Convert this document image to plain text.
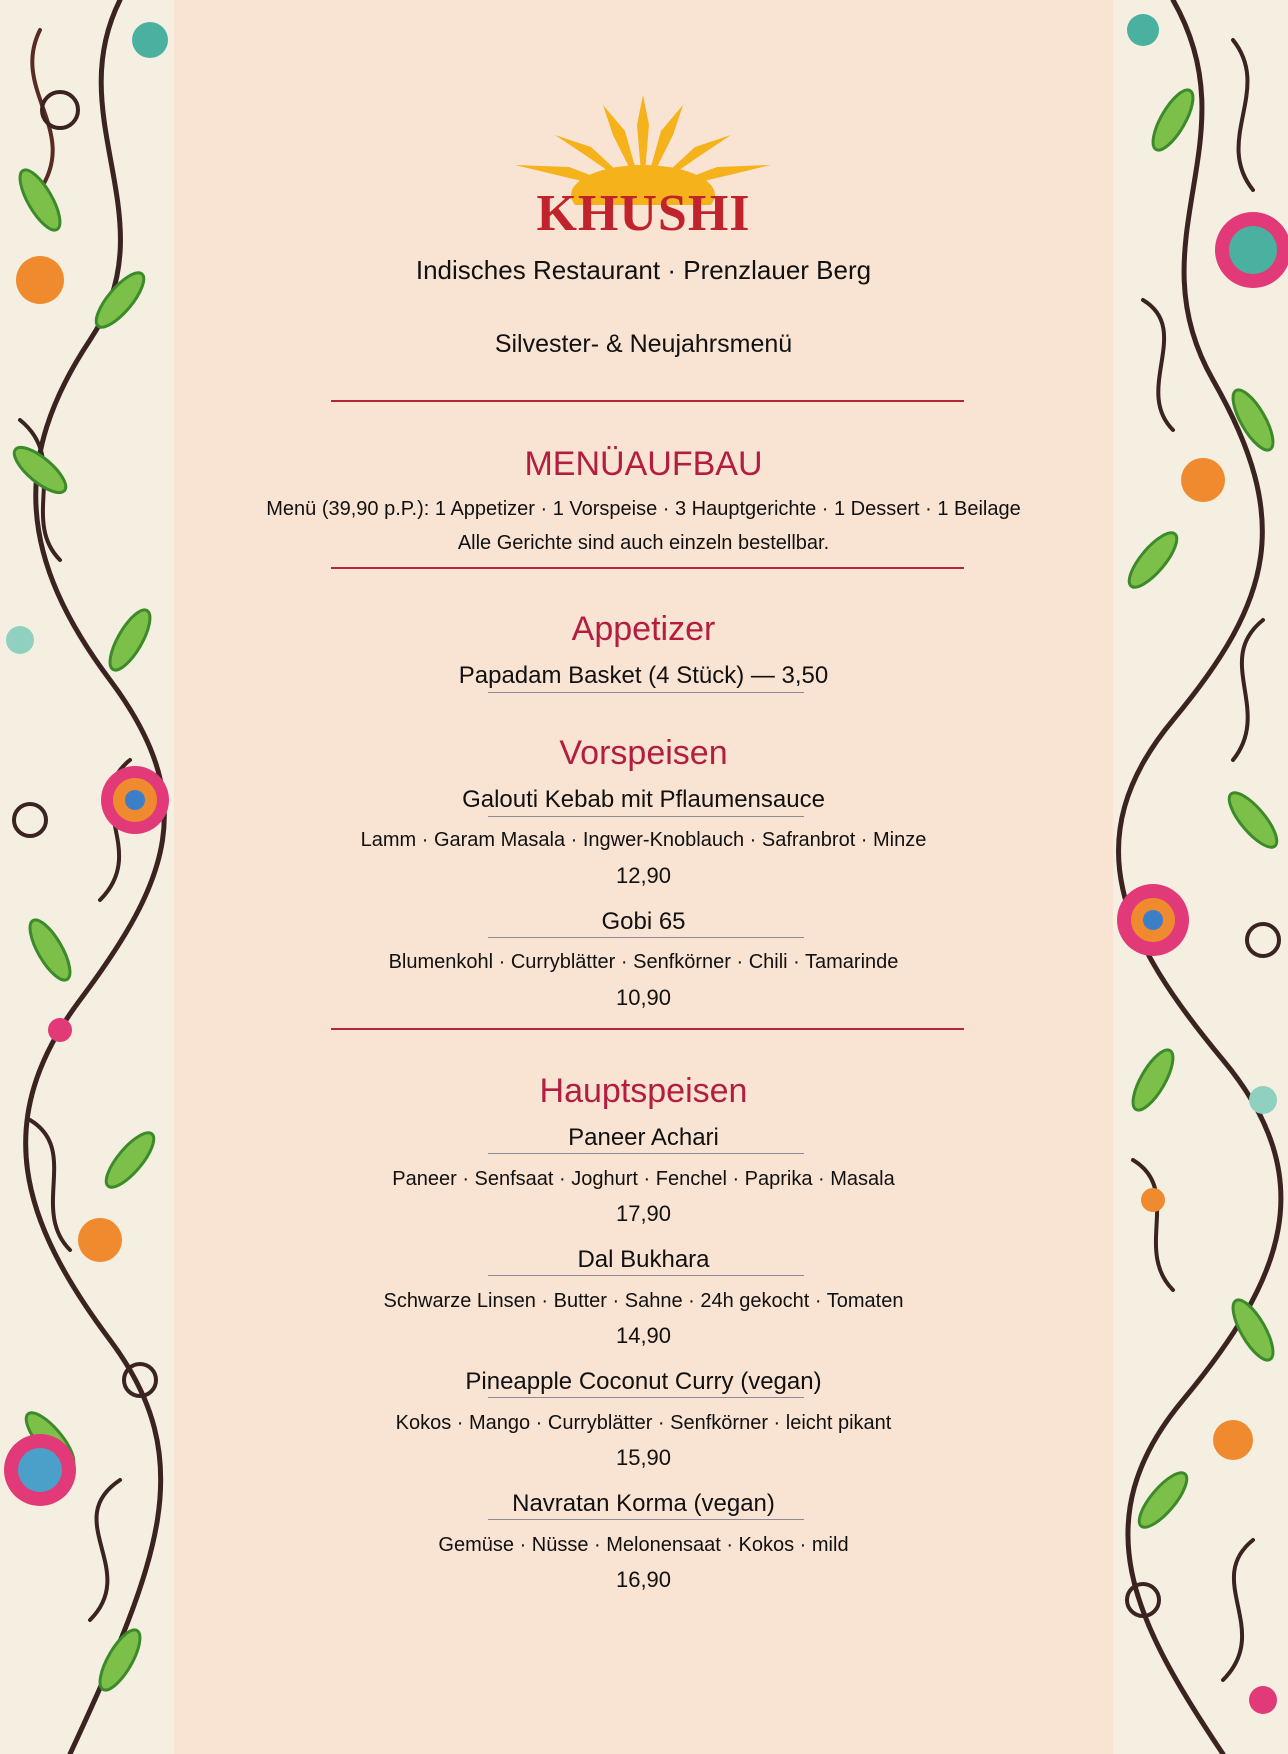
KHUSHI
Indisches Restaurant · Prenzlauer Berg
Silvester- & Neujahrsmenü
MENÜAUFBAU
Menü (39,90 p.P.): 1 Appetizer · 1 Vorspeise · 3 Hauptgerichte · 1 Dessert · 1 Beilage
Alle Gerichte sind auch einzeln bestellbar.
Appetizer
Papadam Basket (4 Stück) — 3,50
Vorspeisen
Galouti Kebab mit Pflaumensauce
Lamm · Garam Masala · Ingwer-Knoblauch · Safranbrot · Minze
12,90
Gobi 65
Blumenkohl · Curryblätter · Senfkörner · Chili · Tamarinde
10,90
Hauptspeisen
Paneer Achari
Paneer · Senfsaat · Joghurt · Fenchel · Paprika · Masala
17,90
Dal Bukhara
Schwarze Linsen · Butter · Sahne · 24h gekocht · Tomaten
14,90
Pineapple Coconut Curry (vegan)
Kokos · Mango · Curryblätter · Senfkörner · leicht pikant
15,90
Navratan Korma (vegan)
Gemüse · Nüsse · Melonensaat · Kokos · mild
16,90
